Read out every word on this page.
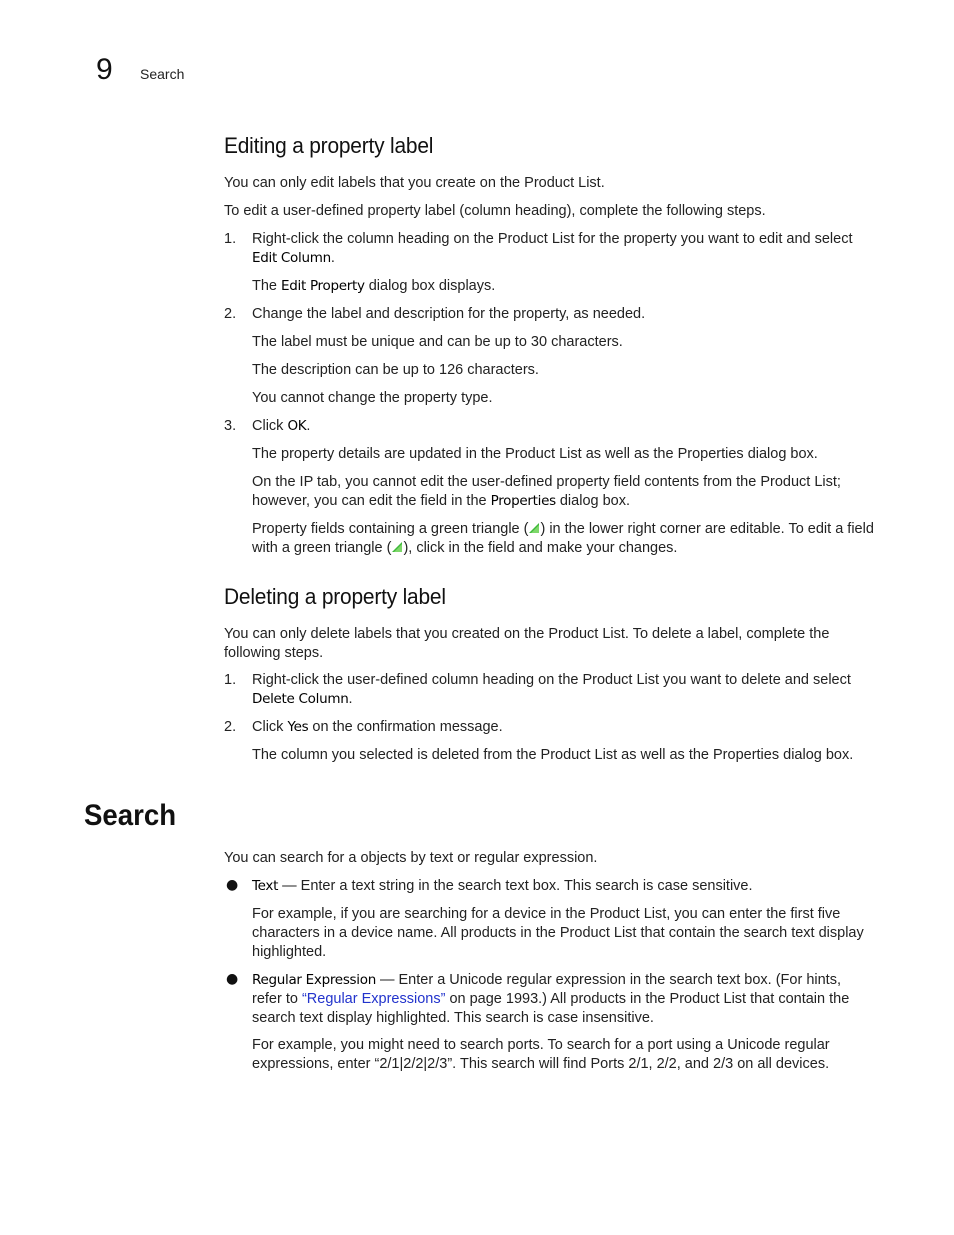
9 Search
Editing a property label

You can only edit labels that you create on the Product List.

To edit a user-defined property label (column heading), complete the following steps.

1. Right-click the column heading on the Product List for the property you want to edit and select Edit Column.

The Edit Property dialog box displays.

2. Change the label and description for the property, as needed.

The label must be unique and can be up to 30 characters.

The description can be up to 126 characters.

You cannot change the property type.

3. Click OK.

The property details are updated in the Product List as well as the Properties dialog box.

On the IP tab, you cannot edit the user-defined property field contents from the Product List; however, you can edit the field in the Properties dialog box.

Property fields containing a green triangle ( ) in the lower right corner are editable. To edit a field with a green triangle ( ), click in the field and make your changes.

Deleting a property label

You can only delete labels that you created on the Product List. To delete a label, complete the following steps.

1. Right-click the user-defined column heading on the Product List you want to delete and select Delete Column.

2. Click Yes on the confirmation message.

The column you selected is deleted from the Product List as well as the Properties dialog box.

Search

You can search for a objects by text or regular expression.

● Text — Enter a text string in the search text box. This search is case sensitive.

For example, if you are searching for a device in the Product List, you can enter the first five characters in a device name. All products in the Product List that contain the search text display highlighted.

● Regular Expression — Enter a Unicode regular expression in the search text box. (For hints, refer to “Regular Expressions” on page 1993.) All products in the Product List that contain the search text display highlighted. This search is case insensitive.

For example, you might need to search ports. To search for a port using a Unicode regular expressions, enter “2/1|2/2|2/3”. This search will find Ports 2/1, 2/2, and 2/3 on all devices.
